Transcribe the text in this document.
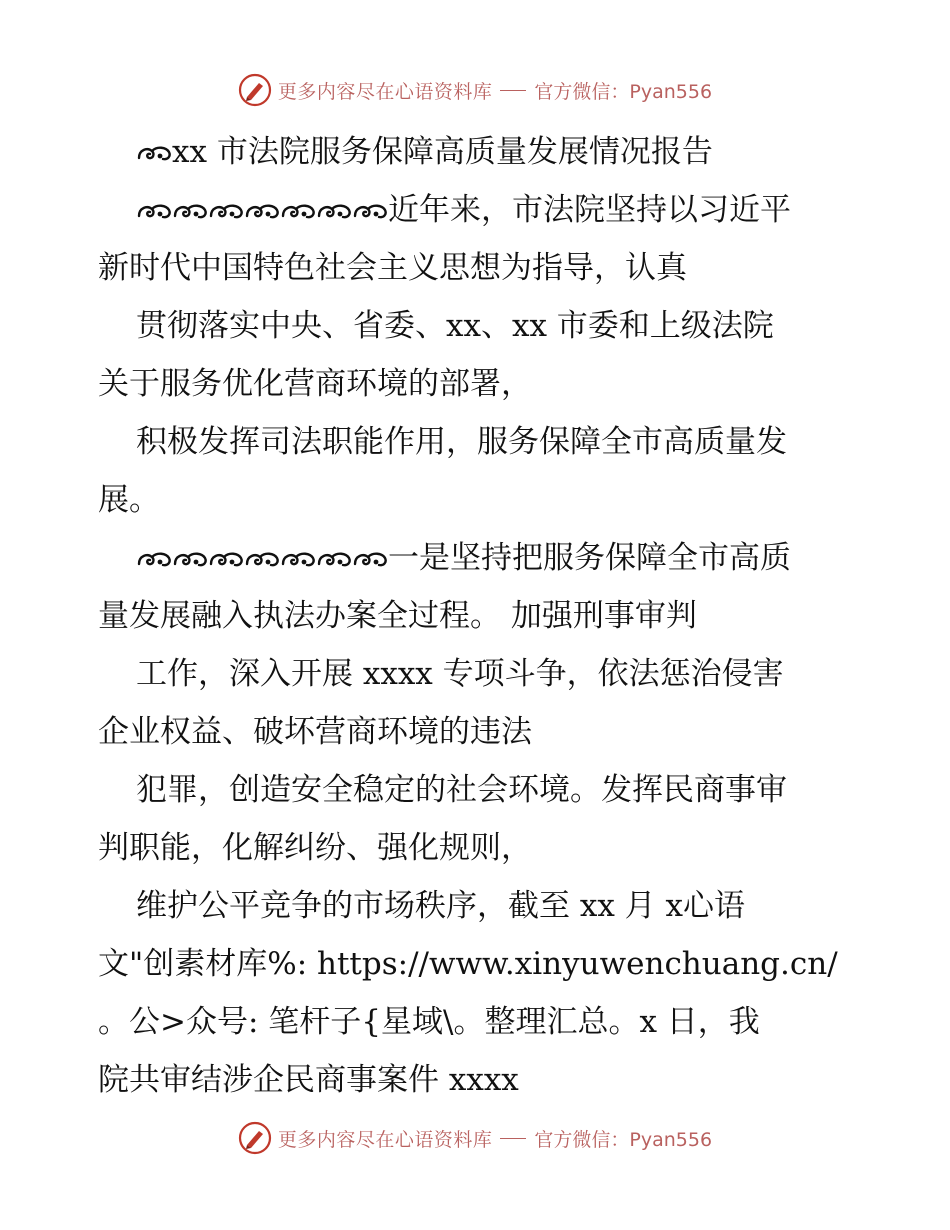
更多内容尽在心语资料库 官方微信：Pyan556
xx 市法院服务保障高质量发展情况报告
近年来，市法院坚持以习近平
新时代中国特色社会主义思想为指导，认真
贯彻落实中央、省委、xx、xx 市委和上级法院
关于服务优化营商环境的部署，
积极发挥司法职能作用，服务保障全市高质量发
展。
一是坚持把服务保障全市高质
量发展融入执法办案全过程。 加强刑事审判
工作，深入开展 xxxx 专项斗争，依法惩治侵害
企业权益、破坏营商环境的违法
犯罪，创造安全稳定的社会环境。发挥民商事审
判职能，化解纠纷、强化规则，
维护公平竞争的市场秩序，截至 xx 月 x心语
文"创素材库%: https://www.xinyuwenchuang.cn/
。公>众号: 笔杆子{星域\。整理汇总。x 日，我
院共审结涉企民商事案件 xxxx
更多内容尽在心语资料库 官方微信：Pyan556
